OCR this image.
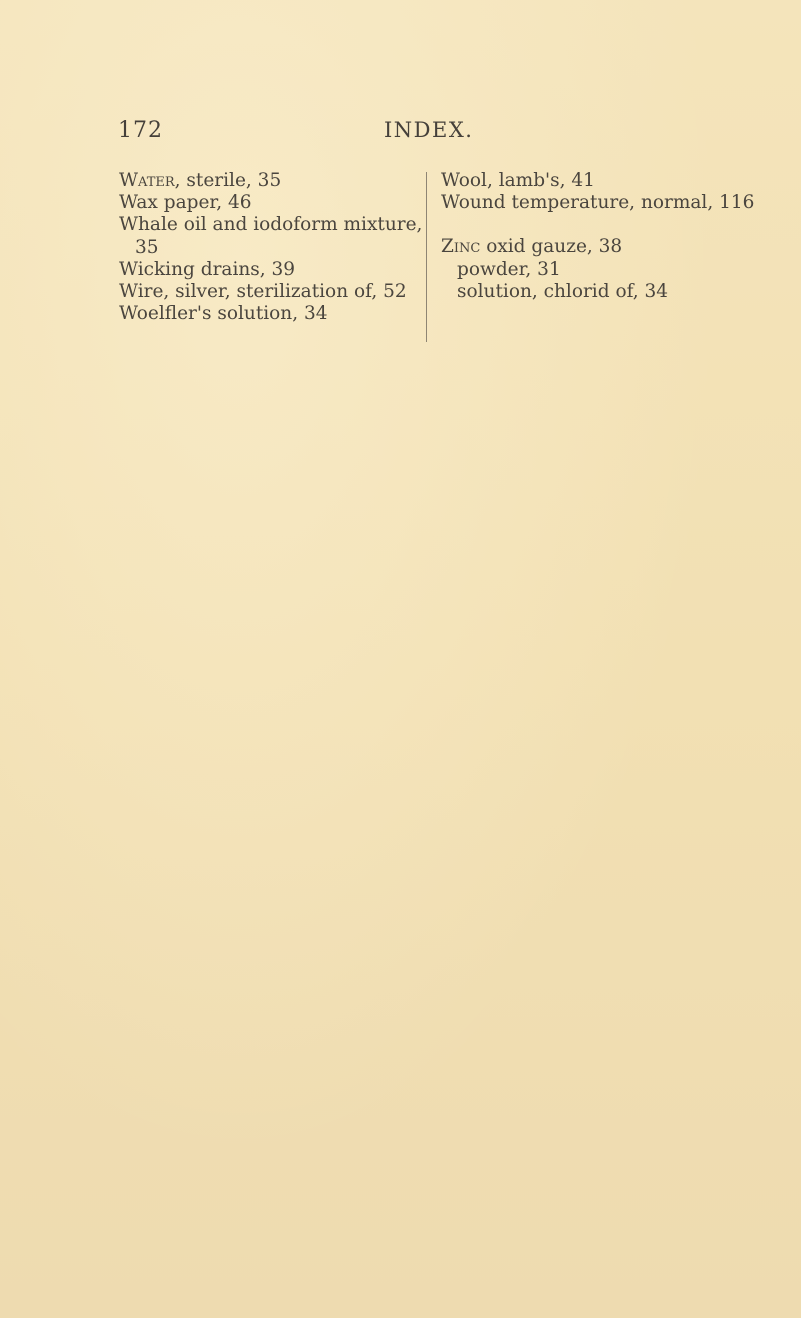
172	INDEX.
Water, sterile, 35
Wax paper, 46
Whale oil and iodoform mixture,
35
Wicking drains, 39
Wire, silver, sterilization of, 52
Woelfler's solution, 34
Wool, lamb's, 41
Wound temperature, normal, 116
Zinc oxid gauze, 38
powder, 31
solution, chlorid of, 34
